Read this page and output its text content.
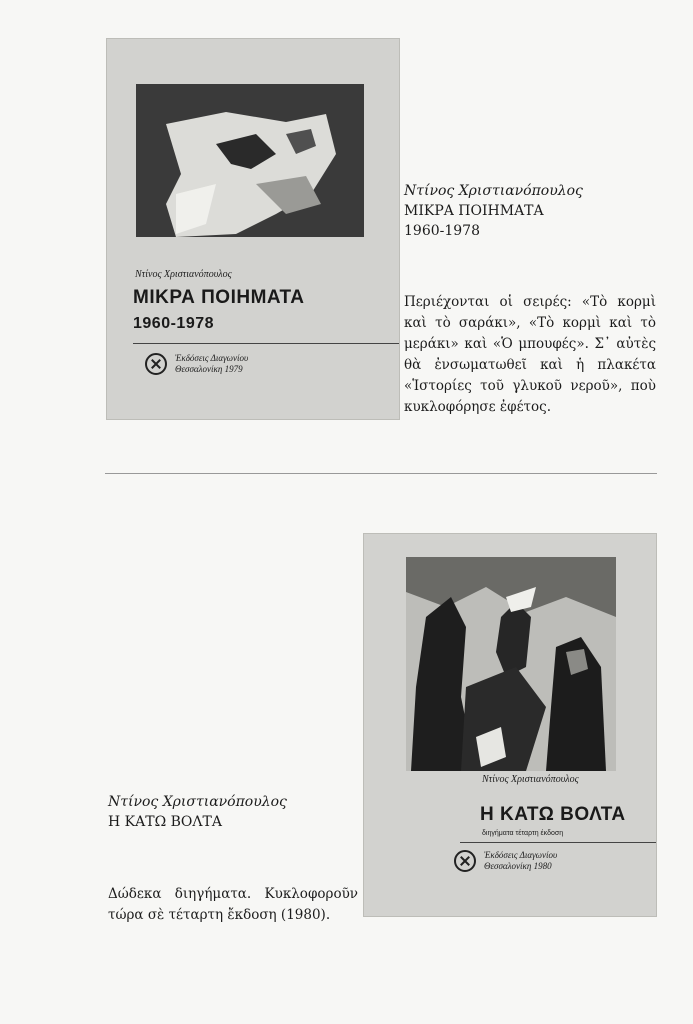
Ντίνος Χριστιανόπουλος
ΜΙΚΡΑ ΠΟΙΗΜΑΤΑ
1960-1978
Ἐκδόσεις Διαγωνίου
Θεσσαλονίκη 1979
Ντίνος Χριστιανόπουλος
ΜΙΚΡΑ ΠΟΙΗΜΑΤΑ
1960-1978
Περιέχονται οἱ σειρές: «Τὸ κορμὶ καὶ τὸ σαράκι», «Τὸ κορμὶ καὶ τὸ μεράκι» καὶ «Ὁ μπουφές». Σ᾽ αὐτὲς θὰ ἐνσωματωθεῖ καὶ ἡ πλακέτα «Ἱστορίες τοῦ γλυκοῦ νεροῦ», ποὺ κυκλοφόρησε ἐφέτος.
Ντίνος Χριστιανόπουλος
Η ΚΑΤΩ ΒΟΛΤΑ
διηγήματα τέταρτη έκδοση
Ἐκδόσεις Διαγωνίου
Θεσσαλονίκη 1980
Ντίνος Χριστιανόπουλος
Η ΚΑΤΩ ΒΟΛΤΑ
Δώδεκα διηγήματα. Κυκλοφοροῦν τώρα σὲ τέταρτη ἔκδοση (1980).
